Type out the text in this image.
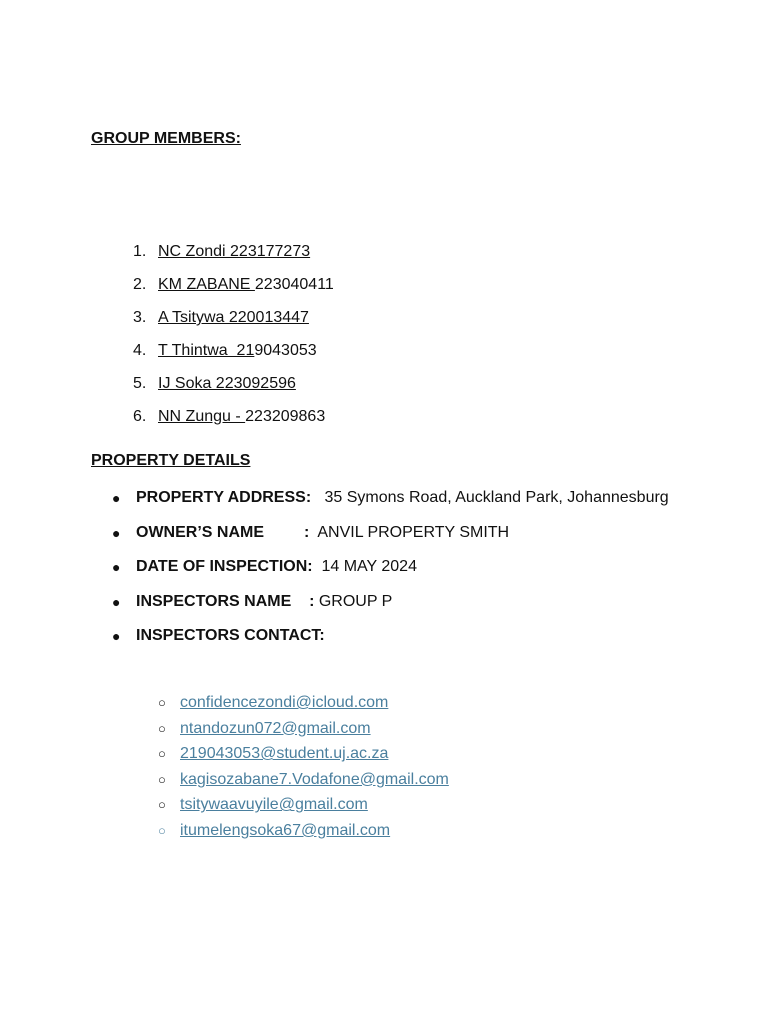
GROUP MEMBERS:
1. NC Zondi 223177273
2. KM ZABANE 223040411
3. A Tsitywa 220013447
4. T Thintwa  219043053
5. IJ Soka 223092596
6. NN Zungu - 223209863
PROPERTY DETAILS
● PROPERTY ADDRESS: 35 Symons Road, Auckland Park, Johannesburg
● OWNER’S NAME         : ANVIL PROPERTY SMITH
● DATE OF INSPECTION: 14 MAY 2024
● INSPECTORS NAME    : GROUP P
● INSPECTORS CONTACT:
○ confidencezondi@icloud.com
○ ntandozun072@gmail.com
○ 219043053@student.uj.ac.za
○ kagisozabane7.Vodafone@gmail.com
○ tsitywaavuyile@gmail.com
○ itumelengsoka67@gmail.com
